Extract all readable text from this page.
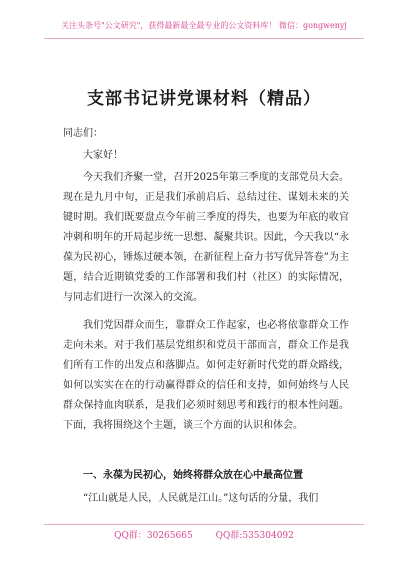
关注头条号"公文研究"，获得最新最全最专业的公文资料库！ 微信：gongwenyj
支部书记讲党课材料（精品）
同志们：
大家好！
今天我们齐聚一堂，召开2025年第三季度的支部党员大会。现在是九月中旬，正是我们承前启后、总结过往、谋划未来的关键时期。我们既要盘点今年前三季度的得失，也要为年底的收官冲刺和明年的开局起步统一思想、凝聚共识。因此，今天我以“永葆为民初心，锤炼过硬本领，在新征程上奋力书写优异答卷”为主题，结合近期镇党委的工作部署和我们村（社区）的实际情况，与同志们进行一次深入的交流。
我们党因群众而生，靠群众工作起家，也必将依靠群众工作走向未来。对于我们基层党组织和党员干部而言，群众工作是我们所有工作的出发点和落脚点。如何走好新时代党的群众路线，如何以实实在在的行动赢得群众的信任和支持，如何始终与人民群众保持血肉联系，是我们必须时刻思考和践行的根本性问题。下面，我将围绕这个主题，谈三个方面的认识和体会。
一、永葆为民初心，始终将群众放在心中最高位置
“江山就是人民，人民就是江山。”这句话的分量，我们
QQ群：30265665	QQ群:535304092
